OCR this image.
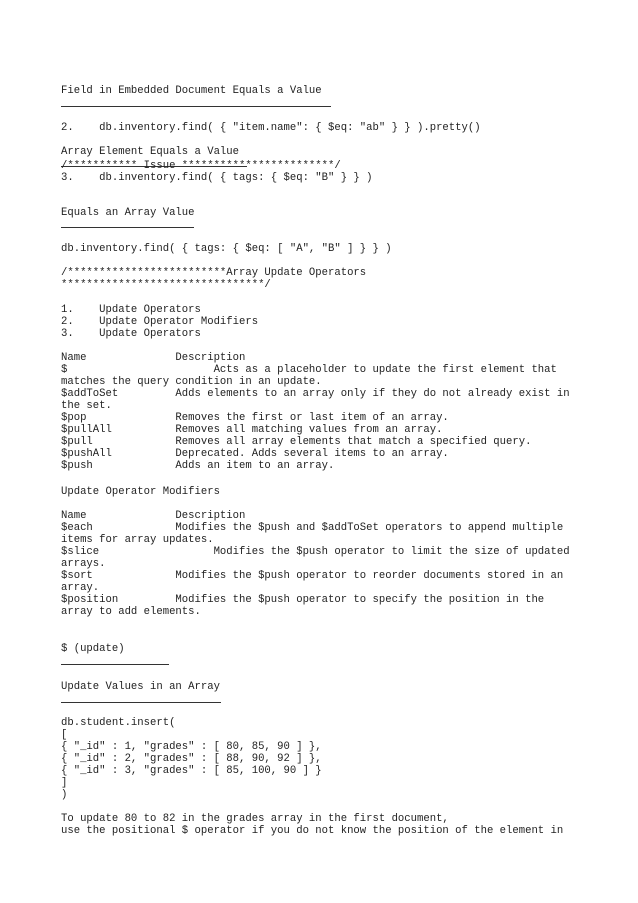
Field in Embedded Document Equals a Value
2.    db.inventory.find( { "item.name": { $eq: "ab" } } ).pretty()
Array Element Equals a Value
/*********** Issue ************************/
3.    db.inventory.find( { tags: { $eq: "B" } } )
Equals an Array Value
db.inventory.find( { tags: { $eq: [ "A", "B" ] } } )
/*************************Array Update Operators
********************************/
1.    Update Operators
2.    Update Operator Modifiers
3.    Update Operators
Name              Description
$                       Acts as a placeholder to update the first element that
matches the query condition in an update.
$addToSet         Adds elements to an array only if they do not already exist in
the set.
$pop              Removes the first or last item of an array.
$pullAll          Removes all matching values from an array.
$pull             Removes all array elements that match a specified query.
$pushAll          Deprecated. Adds several items to an array.
$push             Adds an item to an array.
Update Operator Modifiers
Name              Description
$each             Modifies the $push and $addToSet operators to append multiple
items for array updates.
$slice                  Modifies the $push operator to limit the size of updated
arrays.
$sort             Modifies the $push operator to reorder documents stored in an
array.
$position         Modifies the $push operator to specify the position in the
array to add elements.
$ (update)
Update Values in an Array
db.student.insert(
[
{ "_id" : 1, "grades" : [ 80, 85, 90 ] },
{ "_id" : 2, "grades" : [ 88, 90, 92 ] },
{ "_id" : 3, "grades" : [ 85, 100, 90 ] }
]
)
To update 80 to 82 in the grades array in the first document,
use the positional $ operator if you do not know the position of the element in
